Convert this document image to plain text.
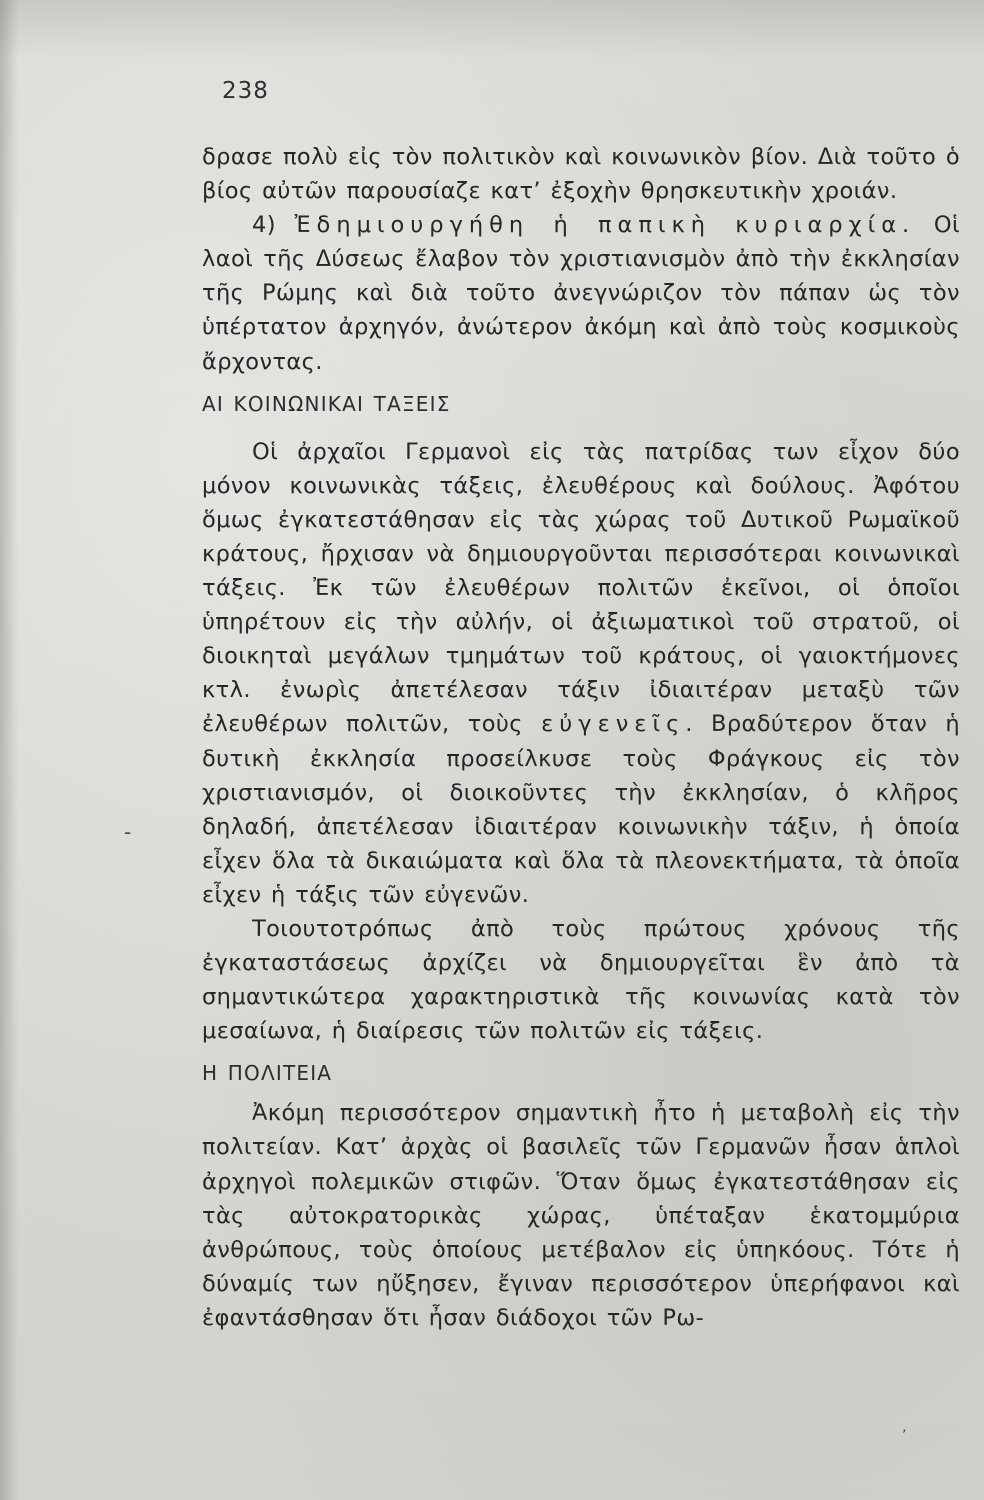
238

δρασε πολὺ εἰς τὸν πολιτικὸν καὶ κοινωνικὸν βίον. Διὰ τοῦτο ὁ βίος αὐτῶν παρουσίαζε κατ’ ἐξοχὴν θρησκευτικὴν χροιάν.

4) Ἐδημιουργήθη ἡ παπικὴ κυριαρχία. Οἱ λαοὶ τῆς Δύσεως ἔλαβον τὸν χριστιανισμὸν ἀπὸ τὴν ἐκκλησίαν τῆς Ρώμης καὶ διὰ τοῦτο ἀνεγνώριζον τὸν πάπαν ὡς τὸν ὑπέρτατον ἀρχηγόν, ἀνώτερον ἀκόμη καὶ ἀπὸ τοὺς κοσμικοὺς ἄρχοντας.

ΑΙ ΚΟΙΝΩΝΙΚΑΙ ΤΑΞΕΙΣ

Οἱ ἀρχαῖοι Γερμανοὶ εἰς τὰς πατρίδας των εἶχον δύο μόνον κοινωνικὰς τάξεις, ἐλευθέρους καὶ δούλους. Ἀφότου ὅμως ἐγκατεστάθησαν εἰς τὰς χώρας τοῦ Δυτικοῦ Ρωμαϊκοῦ κράτους, ἤρχισαν νὰ δημιουργοῦνται περισσότεραι κοινωνικαὶ τάξεις. Ἐκ τῶν ἐλευθέρων πολιτῶν ἐκεῖνοι, οἱ ὁποῖοι ὑπηρέτουν εἰς τὴν αὐλήν, οἱ ἀξιωματικοὶ τοῦ στρατοῦ, οἱ διοικηταὶ μεγάλων τμημάτων τοῦ κράτους, οἱ γαιοκτήμονες κτλ. ἐνωρὶς ἀπετέλεσαν τάξιν ἰδιαιτέραν μεταξὺ τῶν ἐλευθέρων πολιτῶν, τοὺς εὐγενεῖς. Βραδύτερον ὅταν ἡ δυτικὴ ἐκκλησία προσείλκυσε τοὺς Φράγκους εἰς τὸν χριστιανισμόν, οἱ διοικοῦντες τὴν ἐκκλησίαν, ὁ κλῆρος δηλαδή, ἀπετέλεσαν ἰδιαιτέραν κοινωνικὴν τάξιν, ἡ ὁποία εἶχεν ὅλα τὰ δικαιώματα καὶ ὅλα τὰ πλεονεκτήματα, τὰ ὁποῖα εἶχεν ἡ τάξις τῶν εὐγενῶν.

Τοιουτοτρόπως ἀπὸ τοὺς πρώτους χρόνους τῆς ἐγκαταστάσεως ἀρχίζει νὰ δημιουργεῖται ἓν ἀπὸ τὰ σημαντικώτερα χαρακτηριστικὰ τῆς κοινωνίας κατὰ τὸν μεσαίωνα, ἡ διαίρεσις τῶν πολιτῶν εἰς τάξεις.

Η ΠΟΛΙΤΕΙΑ

Ἀκόμη περισσότερον σημαντικὴ ἦτο ἡ μεταβολὴ εἰς τὴν πολιτείαν. Κατ’ ἀρχὰς οἱ βασιλεῖς τῶν Γερμανῶν ἦσαν ἁπλοὶ ἀρχηγοὶ πολεμικῶν στιφῶν. Ὅταν ὅμως ἐγκατεστάθησαν εἰς τὰς αὐτοκρατορικὰς χώρας, ὑπέταξαν ἑκατομμύρια ἀνθρώπους, τοὺς ὁποίους μετέβαλον εἰς ὑπηκόους. Τότε ἡ δύναμίς των ηὔξησεν, ἔγιναν περισσότερον ὑπερήφανοι καὶ ἐφαντάσθησαν ὅτι ἦσαν διάδοχοι τῶν Ρω-

-
’
